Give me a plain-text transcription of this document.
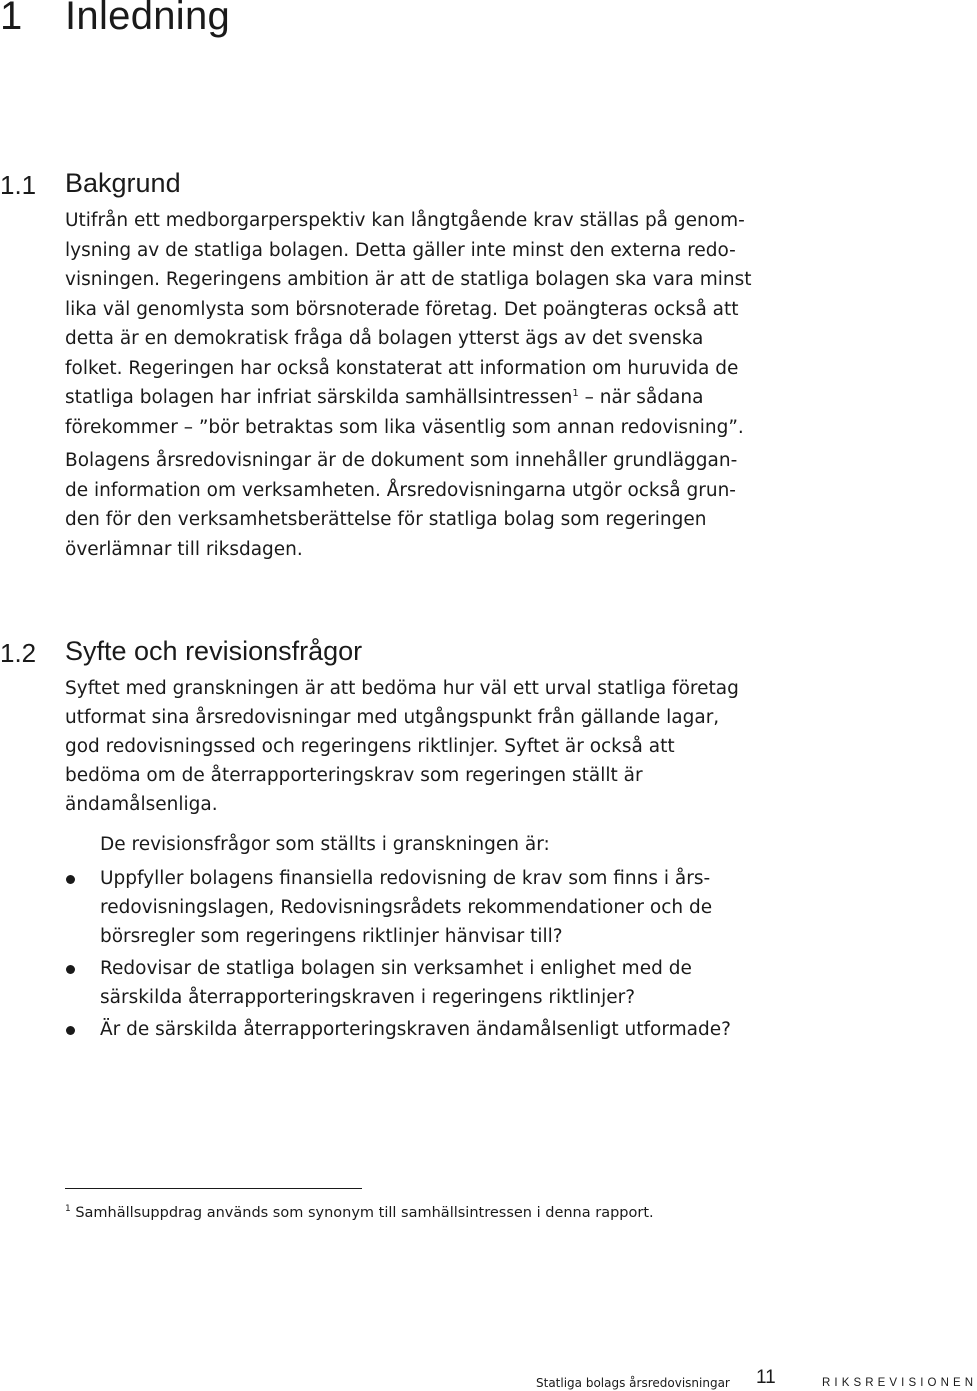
1 Inledning
1.1 Bakgrund
Utifrån ett medborgarperspektiv kan långtgående krav ställas på genom-
lysning av de statliga bolagen. Detta gäller inte minst den externa redo-
visningen. Regeringens ambition är att de statliga bolagen ska vara minst
lika väl genomlysta som börsnoterade företag. Det poängteras också att
detta är en demokratisk fråga då bolagen ytterst ägs av det svenska
folket. Regeringen har också konstaterat att information om huruvida de
statliga bolagen har infriat särskilda samhällsintressen$^1$ – när sådana
förekommer – ”bör betraktas som lika väsentlig som annan redovisning”.
Bolagens årsredovisningar är de dokument som innehåller grundläggan-
de information om verksamheten. Årsredovisningarna utgör också grun-
den för den verksamhetsberättelse för statliga bolag som regeringen
överlämnar till riksdagen.
1.2 Syfte och revisionsfrågor
Syftet med granskningen är att bedöma hur väl ett urval statliga företag
utformat sina årsredovisningar med utgångspunkt från gällande lagar,
god redovisningssed och regeringens riktlinjer. Syftet är också att
bedöma om de återrapporteringskrav som regeringen ställt är
ändamålsenliga.
De revisionsfrågor som ställts i granskningen är:
Uppfyller bolagens finansiella redovisning de krav som finns i års-
redovisningslagen, Redovisningsrådets rekommendationer och de
börsregler som regeringens riktlinjer hänvisar till?
Redovisar de statliga bolagen sin verksamhet i enlighet med de
särskilda återrapporteringskraven i regeringens riktlinjer?
Är de särskilda återrapporteringskraven ändamålsenligt utformade?
$^1$ Samhällsuppdrag används som synonym till samhällsintressen i denna rapport.
Statliga bolags årsredovisningar 11	RIKSREVISIONEN
